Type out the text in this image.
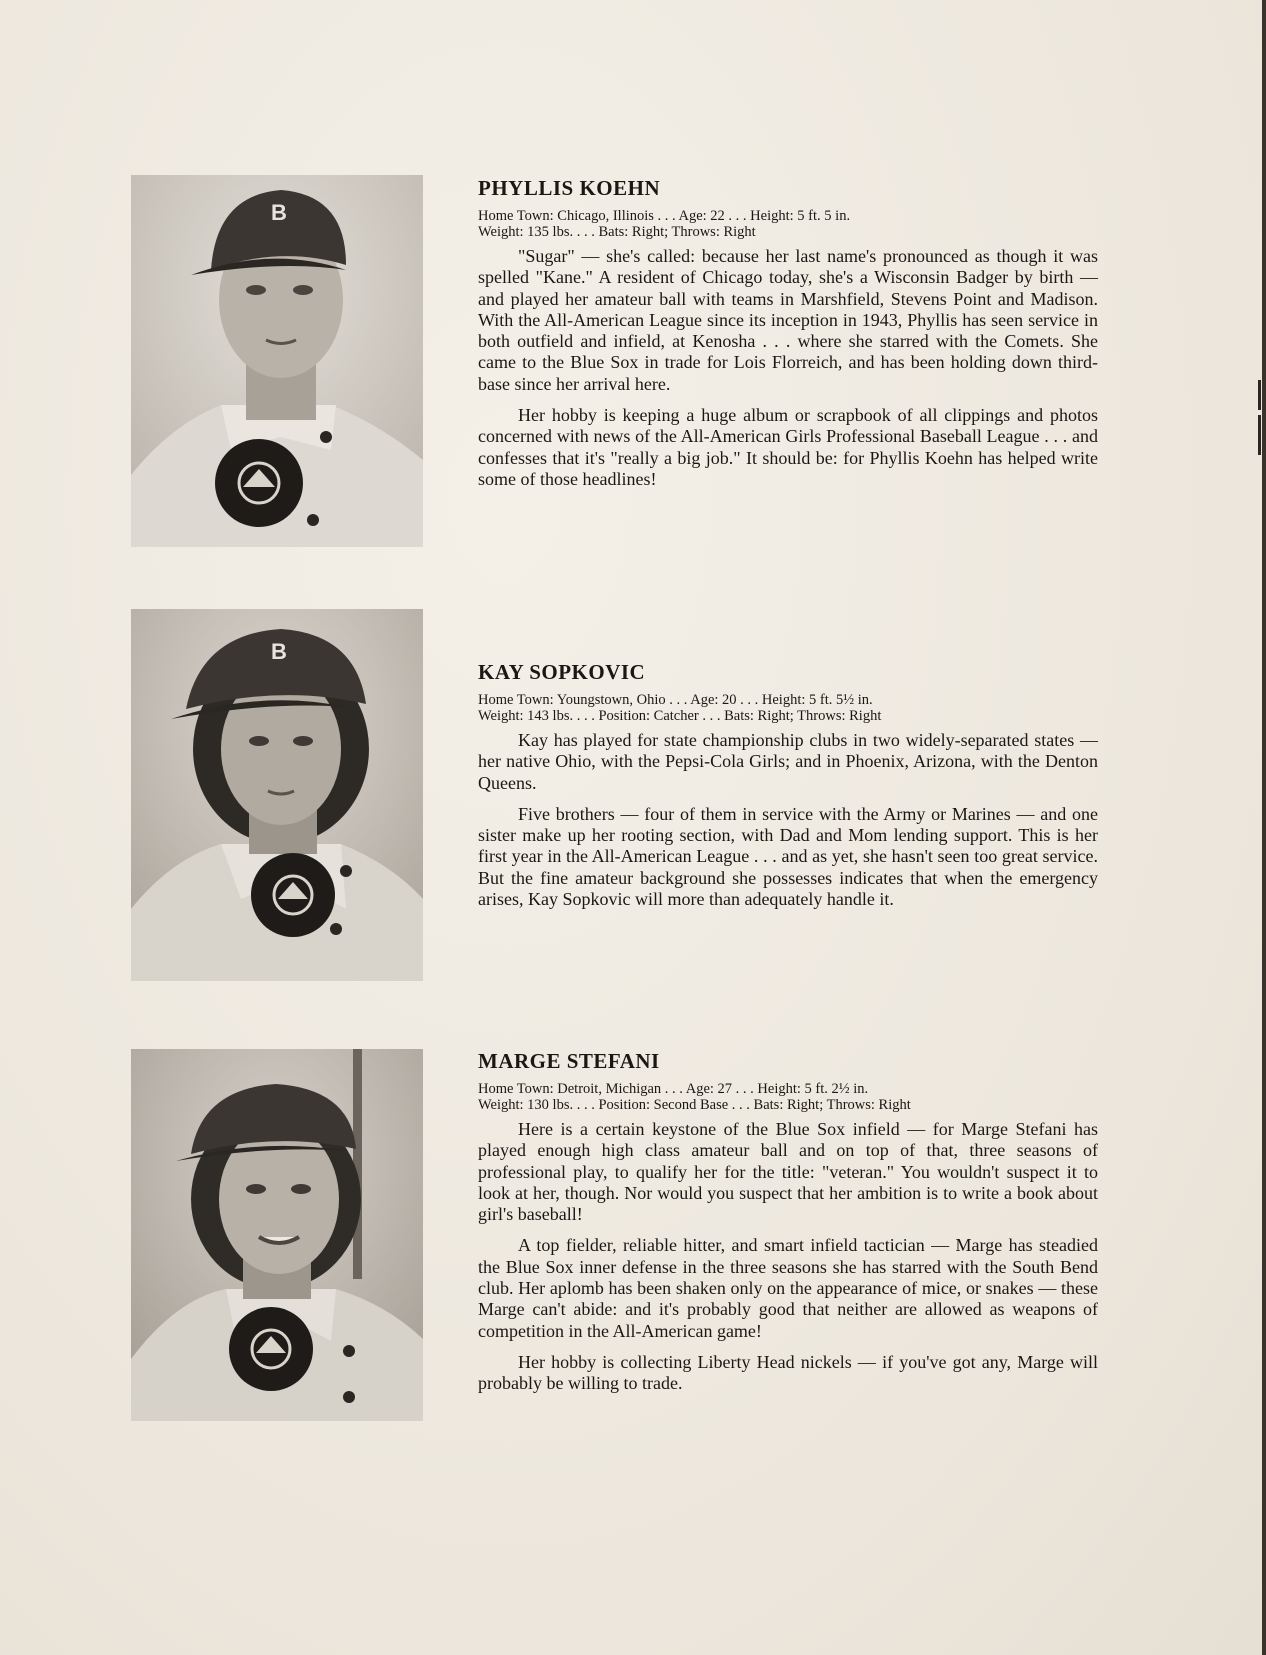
B
PHYLLIS KOEHN
Home Town: Chicago, Illinois . . . Age: 22 . . . Height: 5 ft. 5 in.
Weight: 135 lbs. . . . Bats: Right; Throws: Right

"Sugar" — she's called: because her last name's pronounced as though it was spelled "Kane." A resident of Chicago today, she's a Wisconsin Badger by birth — and played her amateur ball with teams in Marshfield, Stevens Point and Madison. With the All-American League since its inception in 1943, Phyllis has seen service in both outfield and infield, at Kenosha . . . where she starred with the Comets. She came to the Blue Sox in trade for Lois Florreich, and has been holding down third-base since her arrival here.

Her hobby is keeping a huge album or scrapbook of all clippings and photos concerned with news of the All-American Girls Professional Baseball League . . . and confesses that it's "really a big job." It should be: for Phyllis Koehn has helped write some of those headlines!

B
KAY SOPKOVIC
Home Town: Youngstown, Ohio . . . Age: 20 . . . Height: 5 ft. 5½ in.
Weight: 143 lbs. . . . Position: Catcher . . . Bats: Right; Throws: Right

Kay has played for state championship clubs in two widely-separated states — her native Ohio, with the Pepsi-Cola Girls; and in Phoenix, Arizona, with the Denton Queens.

Five brothers — four of them in service with the Army or Marines — and one sister make up her rooting section, with Dad and Mom lending support. This is her first year in the All-American League . . . and as yet, she hasn't seen too great service. But the fine amateur background she possesses indicates that when the emergency arises, Kay Sopkovic will more than adequately handle it.

MARGE STEFANI
Home Town: Detroit, Michigan . . . Age: 27 . . . Height: 5 ft. 2½ in.
Weight: 130 lbs. . . . Position: Second Base . . . Bats: Right; Throws: Right

Here is a certain keystone of the Blue Sox infield — for Marge Stefani has played enough high class amateur ball and on top of that, three seasons of professional play, to qualify her for the title: "veteran." You wouldn't suspect it to look at her, though. Nor would you suspect that her ambition is to write a book about girl's baseball!

A top fielder, reliable hitter, and smart infield tactician — Marge has steadied the Blue Sox inner defense in the three seasons she has starred with the South Bend club. Her aplomb has been shaken only on the appearance of mice, or snakes — these Marge can't abide: and it's probably good that neither are allowed as weapons of competition in the All-American game!

Her hobby is collecting Liberty Head nickels — if you've got any, Marge will probably be willing to trade.
